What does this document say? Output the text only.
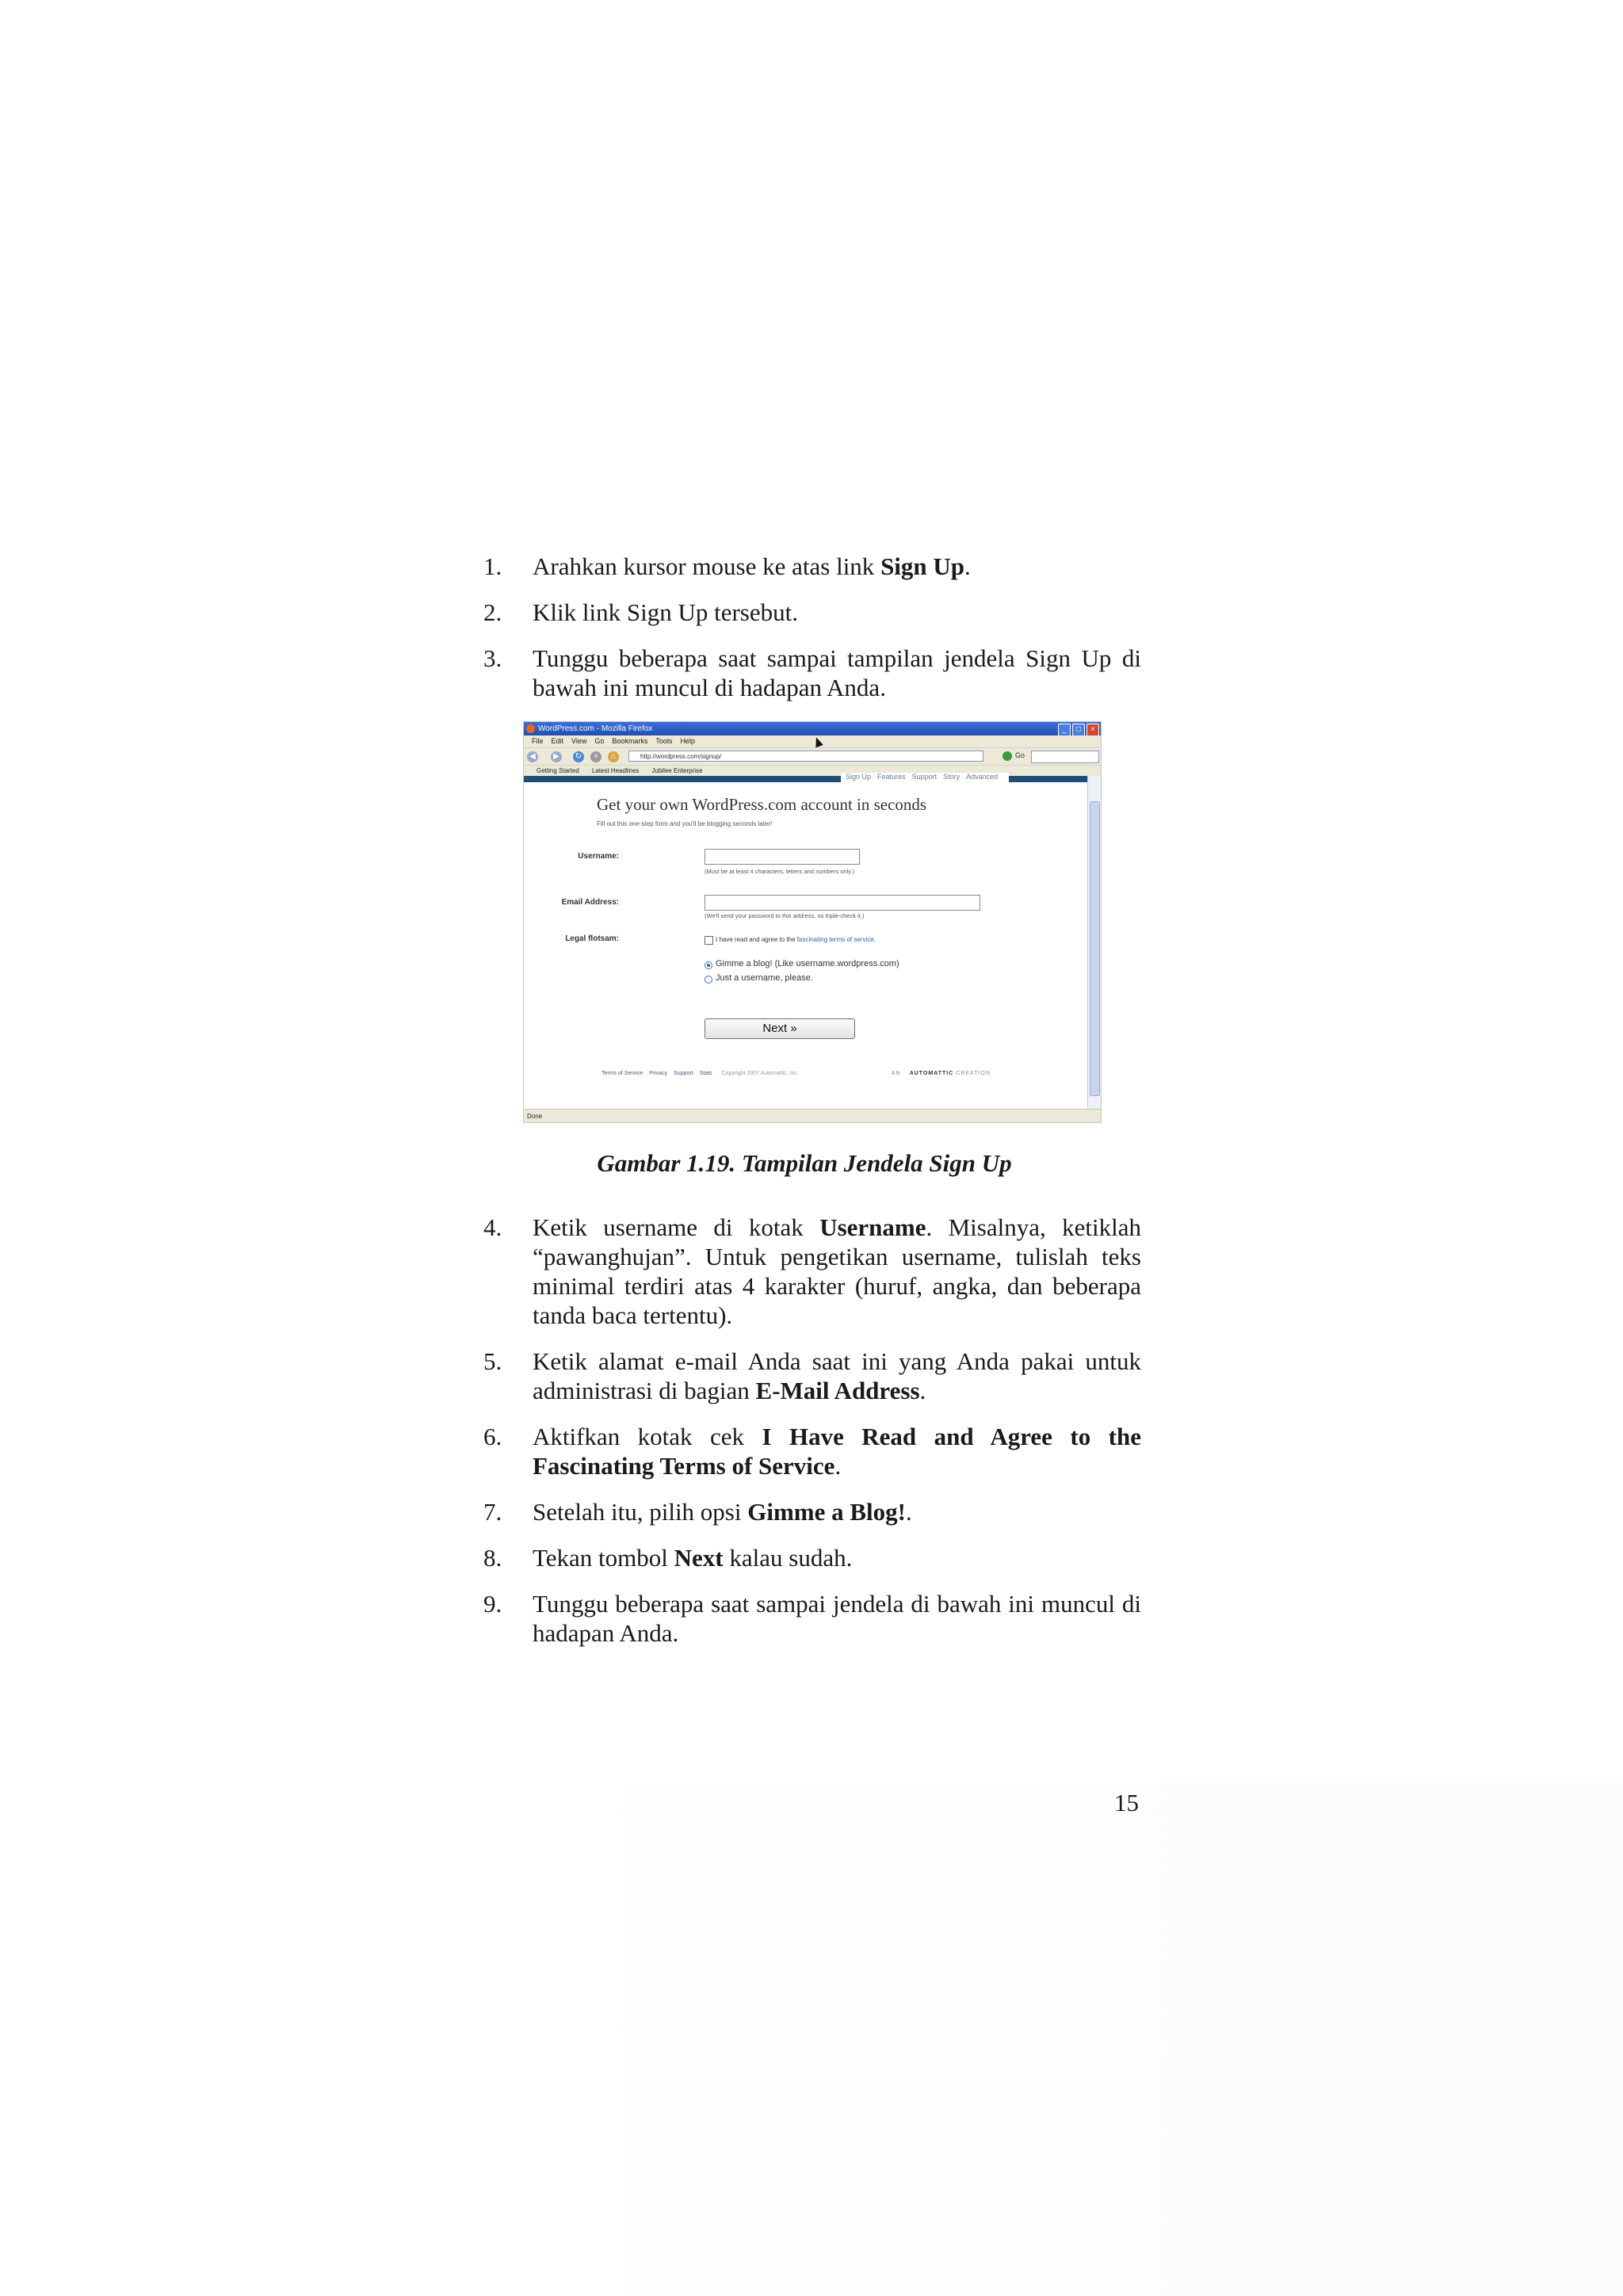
1. Arahkan kursor mouse ke atas link Sign Up.
2. Klik link Sign Up tersebut.
3. Tunggu beberapa saat sampai tampilan jendela Sign Up di bawah ini muncul di hadapan Anda.
WordPress.com - Mozilla Firefox	_ □ ×
File Edit View Go Bookmarks Tools Help
◀	▶	↻	×	⌂	http://wordpress.com/signup/	Go
Getting Started Latest Headlines Jubilee Enterprise
Sign Up Features Support Story Advanced
Get your own WordPress.com account in seconds
Fill out this one-step form and you'll be blogging seconds later!
Username:
(Must be at least 4 characters, letters and numbers only.)
Email Address:
(We'll send your password to this address, so triple-check it.)
Legal flotsam:	I have read and agree to the fascinating terms of service.
Gimme a blog! (Like username.wordpress.com)
Just a username, please.
Next »
Terms of Service Privacy Support Stats Copyright 2007 Automattic, Inc.	AN AUTOMATTIC CREATION
Done
Gambar 1.19. Tampilan Jendela Sign Up
4. Ketik username di kotak Username. Misalnya, ketiklah “pawanghujan”. Untuk pengetikan username, tulislah teks minimal terdiri atas 4 karakter (huruf, angka, dan beberapa tanda baca tertentu).
5. Ketik alamat e-mail Anda saat ini yang Anda pakai untuk administrasi di bagian E-Mail Address.
6. Aktifkan kotak cek I Have Read and Agree to the Fascinating Terms of Service.
7. Setelah itu, pilih opsi Gimme a Blog!.
8. Tekan tombol Next kalau sudah.
9. Tunggu beberapa saat sampai jendela di bawah ini muncul di hadapan Anda.
15
